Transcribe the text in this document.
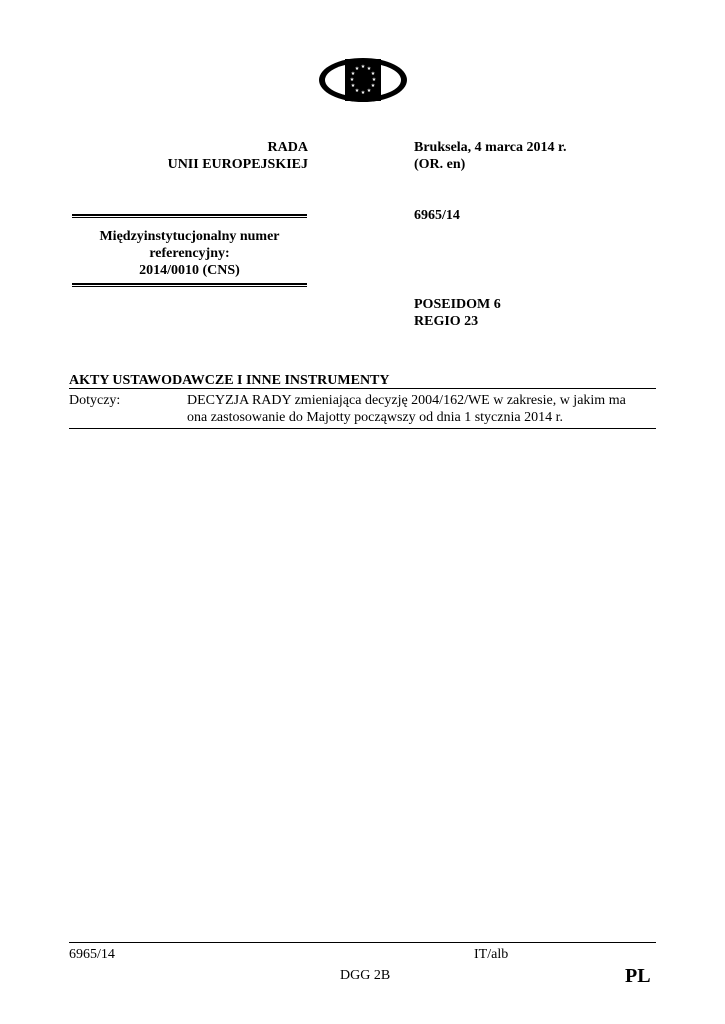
★ ★
★
★
★
★
★
★
★
★
★
★
RADA
UNII EUROPEJSKIEJ
Międzyinstytucjonalny numer
referencyjny:
2014/0010 (CNS)
Bruksela, 4 marca 2014 r.
(OR. en)
6965/14
POSEIDOM 6
REGIO 23
AKTY USTAWODAWCZE I INNE INSTRUMENTY
Dotyczy:	DECYZJA RADY zmieniająca decyzję 2004/162/WE w zakresie, w jakim ma
ona zastosowanie do Majotty począwszy od dnia 1 stycznia 2014 r.
6965/14	IT/alb
DGG 2B	PL
